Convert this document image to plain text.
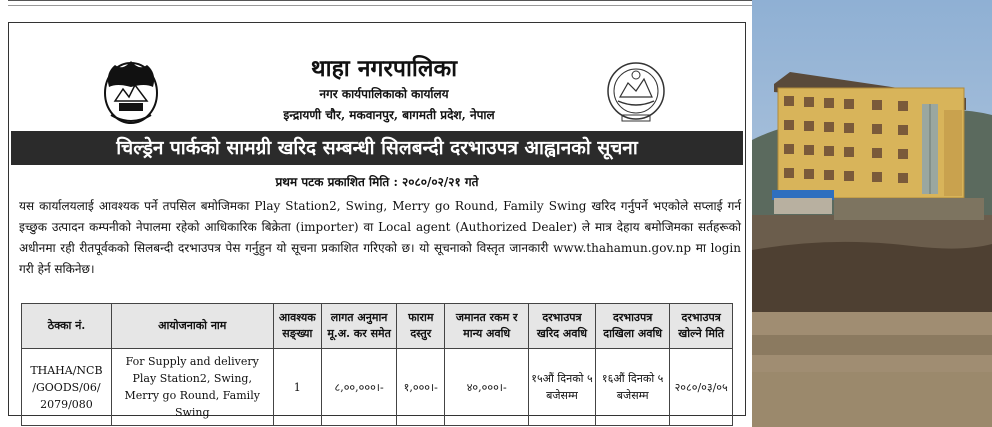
थाहा नगरपालिका
नगर कार्यपालिकाको कार्यालय
इन्द्रायणी चौर, मकवानपुर, बागमती प्रदेश, नेपाल
चिल्ड्रेन पार्कको सामग्री खरिद सम्बन्धी सिलबन्दी दरभाउपत्र आह्वानको सूचना
प्रथम पटक प्रकाशित मिति : २०८०/०२/२१ गते
यस कार्यालयलाई आवश्यक पर्ने तपसिल बमोजिमका Play Station2, Swing, Merry go Round, Family Swing खरिद गर्नुपर्ने भएकोले सप्लाई गर्न इच्छुक उत्पादन कम्पनीको नेपालमा रहेको आधिकारिक बिक्रेता (importer) वा Local agent (Authorized Dealer) ले मात्र देहाय बमोजिमका सर्तहरूको अधीनमा रही रीतपूर्वकको सिलबन्दी दरभाउपत्र पेस गर्नुहुन यो सूचना प्रकाशित गरिएको छ। यो सूचनाको विस्तृत जानकारी www.thahamun.gov.np मा login गरी हेर्न सकिनेछ।
ठेक्का नं.	आयोजनाको नाम	आवश्यक सङ्ख्या	लागत अनुमान मू.अ. कर समेत	फाराम दस्तुर	जमानत रकम र मान्य अवधि	दरभाउपत्र खरिद अवधि	दरभाउपत्र दाखिला अवधि	दरभाउपत्र खोल्ने मिति
THAHA/NCB /GOODS/06/ 2079/080	For Supply and delivery Play Station2, Swing, Merry go Round, Family Swing	1	८,००,०००।-	१,०००।-	४०,०००।-	१५औं दिनको ५ बजेसम्म	१६औं दिनको ५ बजेसम्म	२०८०/०३/०५
